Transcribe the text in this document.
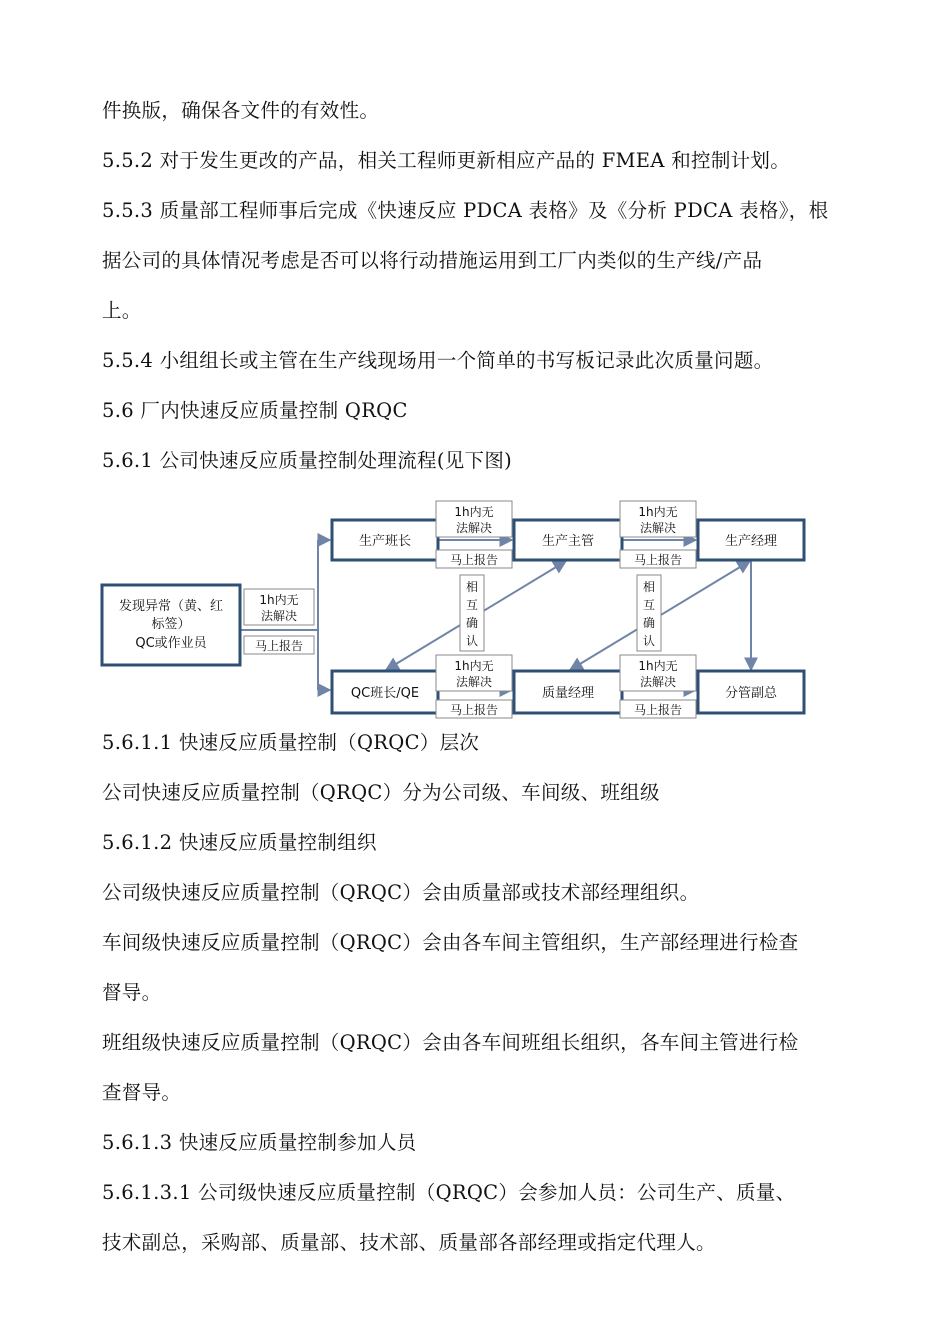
件换版，确保各文件的有效性。
5.5.2 对于发生更改的产品，相关工程师更新相应产品的 FMEA 和控制计划。
5.5.3 质量部工程师事后完成《快速反应 PDCA 表格》及《分析 PDCA 表格》，根
据公司的具体情况考虑是否可以将行动措施运用到工厂内类似的生产线/产品
上。
5.5.4 小组组长或主管在生产线现场用一个简单的书写板记录此次质量问题。
5.6 厂内快速反应质量控制 QRQC
5.6.1 公司快速反应质量控制处理流程(见下图)
发现异常（黄、红
标签）
QC或作业员
生产班长	生产主管	生产经理
QC班长/QE	质量经理	分管副总
1h内无
法解决
马上报告
1h内无
法解决
马上报告
1h内无
法解决
马上报告
1h内无
法解决
马上报告
1h内无
法解决
马上报告
相
互
确
认
相
互
确
认
5.6.1.1 快速反应质量控制（QRQC）层次
公司快速反应质量控制（QRQC）分为公司级、车间级、班组级
5.6.1.2 快速反应质量控制组织
公司级快速反应质量控制（QRQC）会由质量部或技术部经理组织。
车间级快速反应质量控制（QRQC）会由各车间主管组织，生产部经理进行检查
督导。
班组级快速反应质量控制（QRQC）会由各车间班组长组织，各车间主管进行检
查督导。
5.6.1.3 快速反应质量控制参加人员
5.6.1.3.1 公司级快速反应质量控制（QRQC）会参加人员：公司生产、质量、
技术副总，采购部、质量部、技术部、质量部各部经理或指定代理人。
